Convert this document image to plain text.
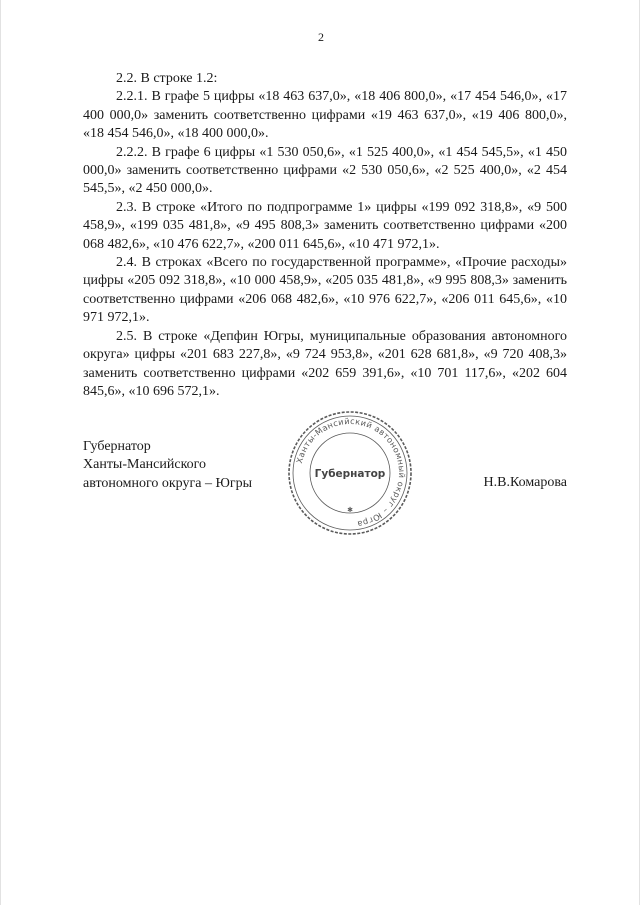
2

2.2. В строке 1.2:

2.2.1. В графе 5 цифры «18 463 637,0», «18 406 800,0», «17 454 546,0», «17 400 000,0» заменить соответственно цифрами «19 463 637,0», «19 406 800,0», «18 454 546,0», «18 400 000,0».

2.2.2. В графе 6 цифры «1 530 050,6», «1 525 400,0», «1 454 545,5», «1 450 000,0» заменить соответственно цифрами «2 530 050,6», «2 525 400,0», «2 454 545,5», «2 450 000,0».

2.3. В строке «Итого по подпрограмме 1» цифры «199 092 318,8», «9 500 458,9», «199 035 481,8», «9 495 808,3» заменить соответственно цифрами «200 068 482,6», «10 476 622,7», «200 011 645,6», «10 471 972,1».

2.4. В строках «Всего по государственной программе», «Прочие расходы» цифры «205 092 318,8», «10 000 458,9», «205 035 481,8», «9 995 808,3» заменить соответственно цифрами «206 068 482,6», «10 976 622,7», «206 011 645,6», «10 971 972,1».

2.5. В строке «Депфин Югры, муниципальные образования автономного округа» цифры «201 683 227,8», «9 724 953,8», «201 628 681,8», «9 720 408,3» заменить соответственно цифрами «202 659 391,6», «10 701 117,6», «202 604 845,6», «10 696 572,1».

Губернатор
Ханты-Мансийского
автономного округа – Югры
Ханты-Мансийский автономный округ – Югра
Губернатор
✱
Н.В.Комарова
